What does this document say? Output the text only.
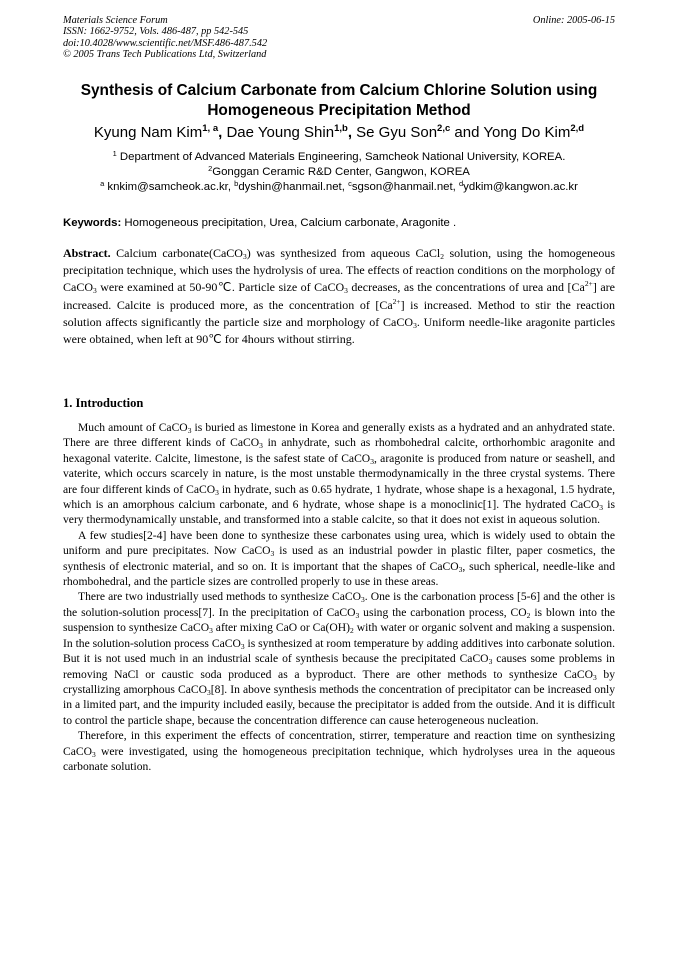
Materials Science Forum
ISSN: 1662-9752, Vols. 486-487, pp 542-545
doi:10.4028/www.scientific.net/MSF.486-487.542
© 2005 Trans Tech Publications Ltd, Switzerland
Online: 2005-06-15
Synthesis of Calcium Carbonate from Calcium Chlorine Solution using
Homogeneous Precipitation Method
Kyung Nam Kim$^{1, a}$, Dae Young Shin$^{1,b}$, Se Gyu Son$^{2,c}$ and Yong Do Kim$^{2,d}$
$^1$ Department of Advanced Materials Engineering, Samcheok National University, KOREA.
$^2$Gonggan Ceramic R&D Center, Gangwon, KOREA
$^a$ knkim@samcheok.ac.kr, $^b$dyshin@hanmail.net, $^c$sgson@hanmail.net, $^d$ydkim@kangwon.ac.kr
Keywords: Homogeneous precipitation, Urea, Calcium carbonate, Aragonite .
Abstract. Calcium carbonate(CaCO$_3$) was synthesized from aqueous CaCl$_2$ solution, using the homogeneous precipitation technique, which uses the hydrolysis of urea. The effects of reaction conditions on the morphology of CaCO$_3$ were examined at 50-90℃. Particle size of CaCO$_3$ decreases, as the concentrations of urea and $[Ca^{2+}]$ are increased. Calcite is produced more, as the concentration of $[Ca^{2+}]$ is increased. Method to stir the reaction solution affects significantly the particle size and morphology of CaCO$_3$. Uniform needle-like aragonite particles were obtained, when left at 90℃ for 4hours without stirring.
1. Introduction

Much amount of CaCO$_3$ is buried as limestone in Korea and generally exists as a hydrated and an anhydrated state. There are three different kinds of CaCO$_3$ in anhydrate, such as rhombohedral calcite, orthorhombic aragonite and hexagonal vaterite. Calcite, limestone, is the safest state of CaCO$_3$, aragonite is produced from nature or seashell, and vaterite, which occurs scarcely in nature, is the most unstable thermodynamically in the three crystal systems. There are four different kinds of CaCO$_3$ in hydrate, such as 0.65 hydrate, 1 hydrate, whose shape is a hexagonal, 1.5 hydrate, which is an amorphous calcium carbonate, and 6 hydrate, whose shape is a monoclinic[1]. The hydrated CaCO$_3$ is very thermodynamically unstable, and transformed into a stable calcite, so that it does not exist in aqueous solution.

A few studies[2-4] have been done to synthesize these carbonates using urea, which is widely used to obtain the uniform and pure precipitates. Now CaCO$_3$ is used as an industrial powder in plastic filter, paper cosmetics, the synthesis of electronic material, and so on. It is important that the shapes of CaCO$_3$, such spherical, needle-like and rhombohedral, and the particle sizes are controlled properly to use in these areas.

There are two industrially used methods to synthesize CaCO$_3$. One is the carbonation process [5-6] and the other is the solution-solution process[7]. In the precipitation of CaCO$_3$ using the carbonation process, $CO_2$ is blown into the suspension to synthesize CaCO$_3$ after mixing CaO or $Ca(OH)_2$ with water or organic solvent and making a suspension. In the solution-solution process CaCO$_3$ is synthesized at room temperature by adding additives into carbonate solution. But it is not used much in an industrial scale of synthesis because the precipitated CaCO$_3$ causes some problems in removing NaCl or caustic soda produced as a byproduct. There are other methods to synthesize CaCO$_3$ by crystallizing amorphous CaCO$_3$[8]. In above synthesis methods the concentration of precipitator can be increased only in a limited part, and the impurity included easily, because the precipitator is added from the outside. And it is difficult to control the particle shape, because the concentration difference can cause heterogeneous nucleation.

Therefore, in this experiment the effects of concentration, stirrer, temperature and reaction time on synthesizing CaCO$_3$ were investigated, using the homogeneous precipitation technique, which hydrolyses urea in the aqueous carbonate solution.
